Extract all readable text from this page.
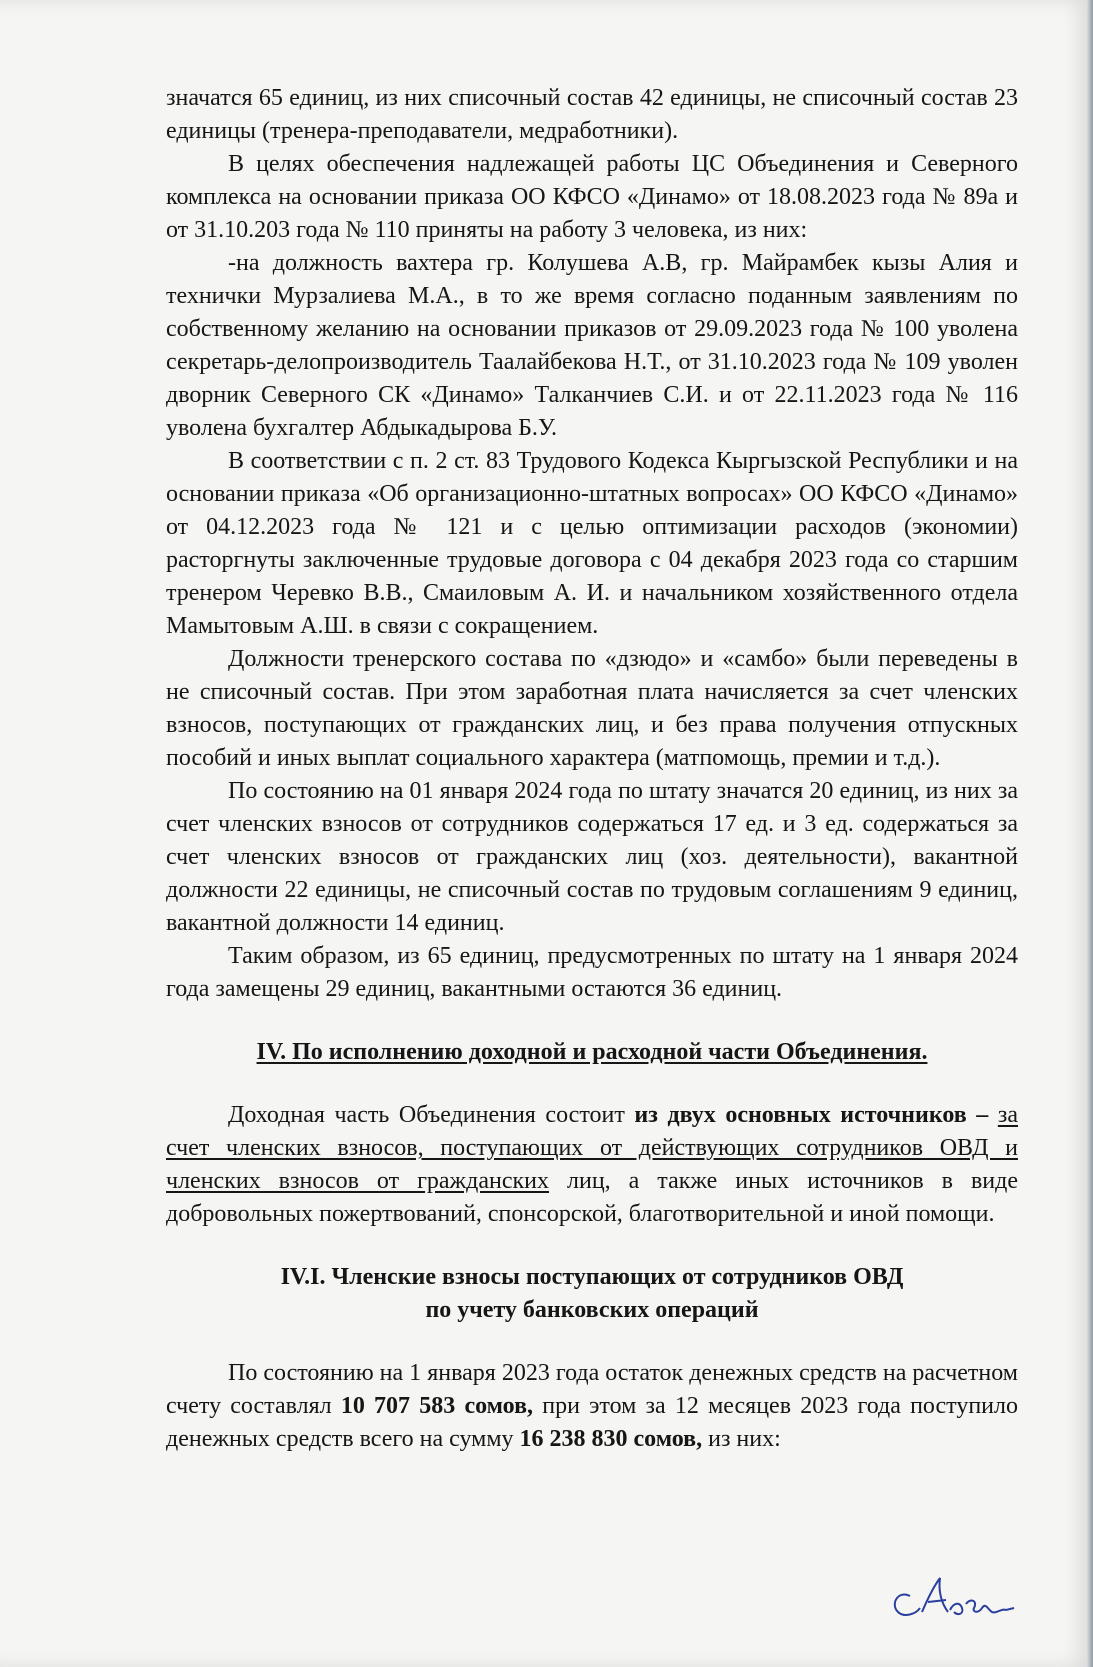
значатся 65 единиц, из них списочный состав 42 единицы, не списочный состав 23 единицы (тренера-преподаватели, медработники).

В целях обеспечения надлежащей работы ЦС Объединения и Северного комплекса на основании приказа ОО КФСО «Динамо» от 18.08.2023 года № 89а и от 31.10.203 года № 110 приняты на работу 3 человека, из них:

-на должность вахтера гр. Колушева А.В, гр. Майрамбек кызы Алия и технички Мурзалиева М.А., в то же время согласно поданным заявлениям по собственному желанию на основании приказов от 29.09.2023 года № 100 уволена секретарь-делопроизводитель Таалайбекова Н.Т., от 31.10.2023 года № 109 уволен дворник Северного СК «Динамо» Талканчиев С.И. и от 22.11.2023 года № 116 уволена бухгалтер Абдыкадырова Б.У.

В соответствии с п. 2 ст. 83 Трудового Кодекса Кыргызской Республики и на основании приказа «Об организационно-штатных вопросах» ОО КФСО «Динамо» от 04.12.2023 года № 121 и с целью оптимизации расходов (экономии) расторгнуты заключенные трудовые договора с 04 декабря 2023 года со старшим тренером Черевко В.В., Смаиловым А. И. и начальником хозяйственного отдела Мамытовым А.Ш. в связи с сокращением.

Должности тренерского состава по «дзюдо» и «самбо» были переведены в не списочный состав. При этом заработная плата начисляется за счет членских взносов, поступающих от гражданских лиц, и без права получения отпускных пособий и иных выплат социального характера (матпомощь, премии и т.д.).

По состоянию на 01 января 2024 года по штату значатся 20 единиц, из них за счет членских взносов от сотрудников содержаться 17 ед. и 3 ед. содержаться за счет членских взносов от гражданских лиц (хоз. деятельности), вакантной должности 22 единицы, не списочный состав по трудовым соглашениям 9 единиц, вакантной должности 14 единиц.

Таким образом, из 65 единиц, предусмотренных по штату на 1 января 2024 года замещены 29 единиц, вакантными остаются 36 единиц.

IV. По исполнению доходной и расходной части Объединения.

Доходная часть Объединения состоит из двух основных источников – за счет членских взносов, поступающих от действующих сотрудников ОВД и членских взносов от гражданских лиц, а также иных источников в виде добровольных пожертвований, спонсорской, благотворительной и иной помощи.

IV.I. Членские взносы поступающих от сотрудников ОВД

по учету банковских операций

По состоянию на 1 января 2023 года остаток денежных средств на расчетном счету составлял 10 707 583 сомов, при этом за 12 месяцев 2023 года поступило денежных средств всего на сумму 16 238 830 сомов, из них:
